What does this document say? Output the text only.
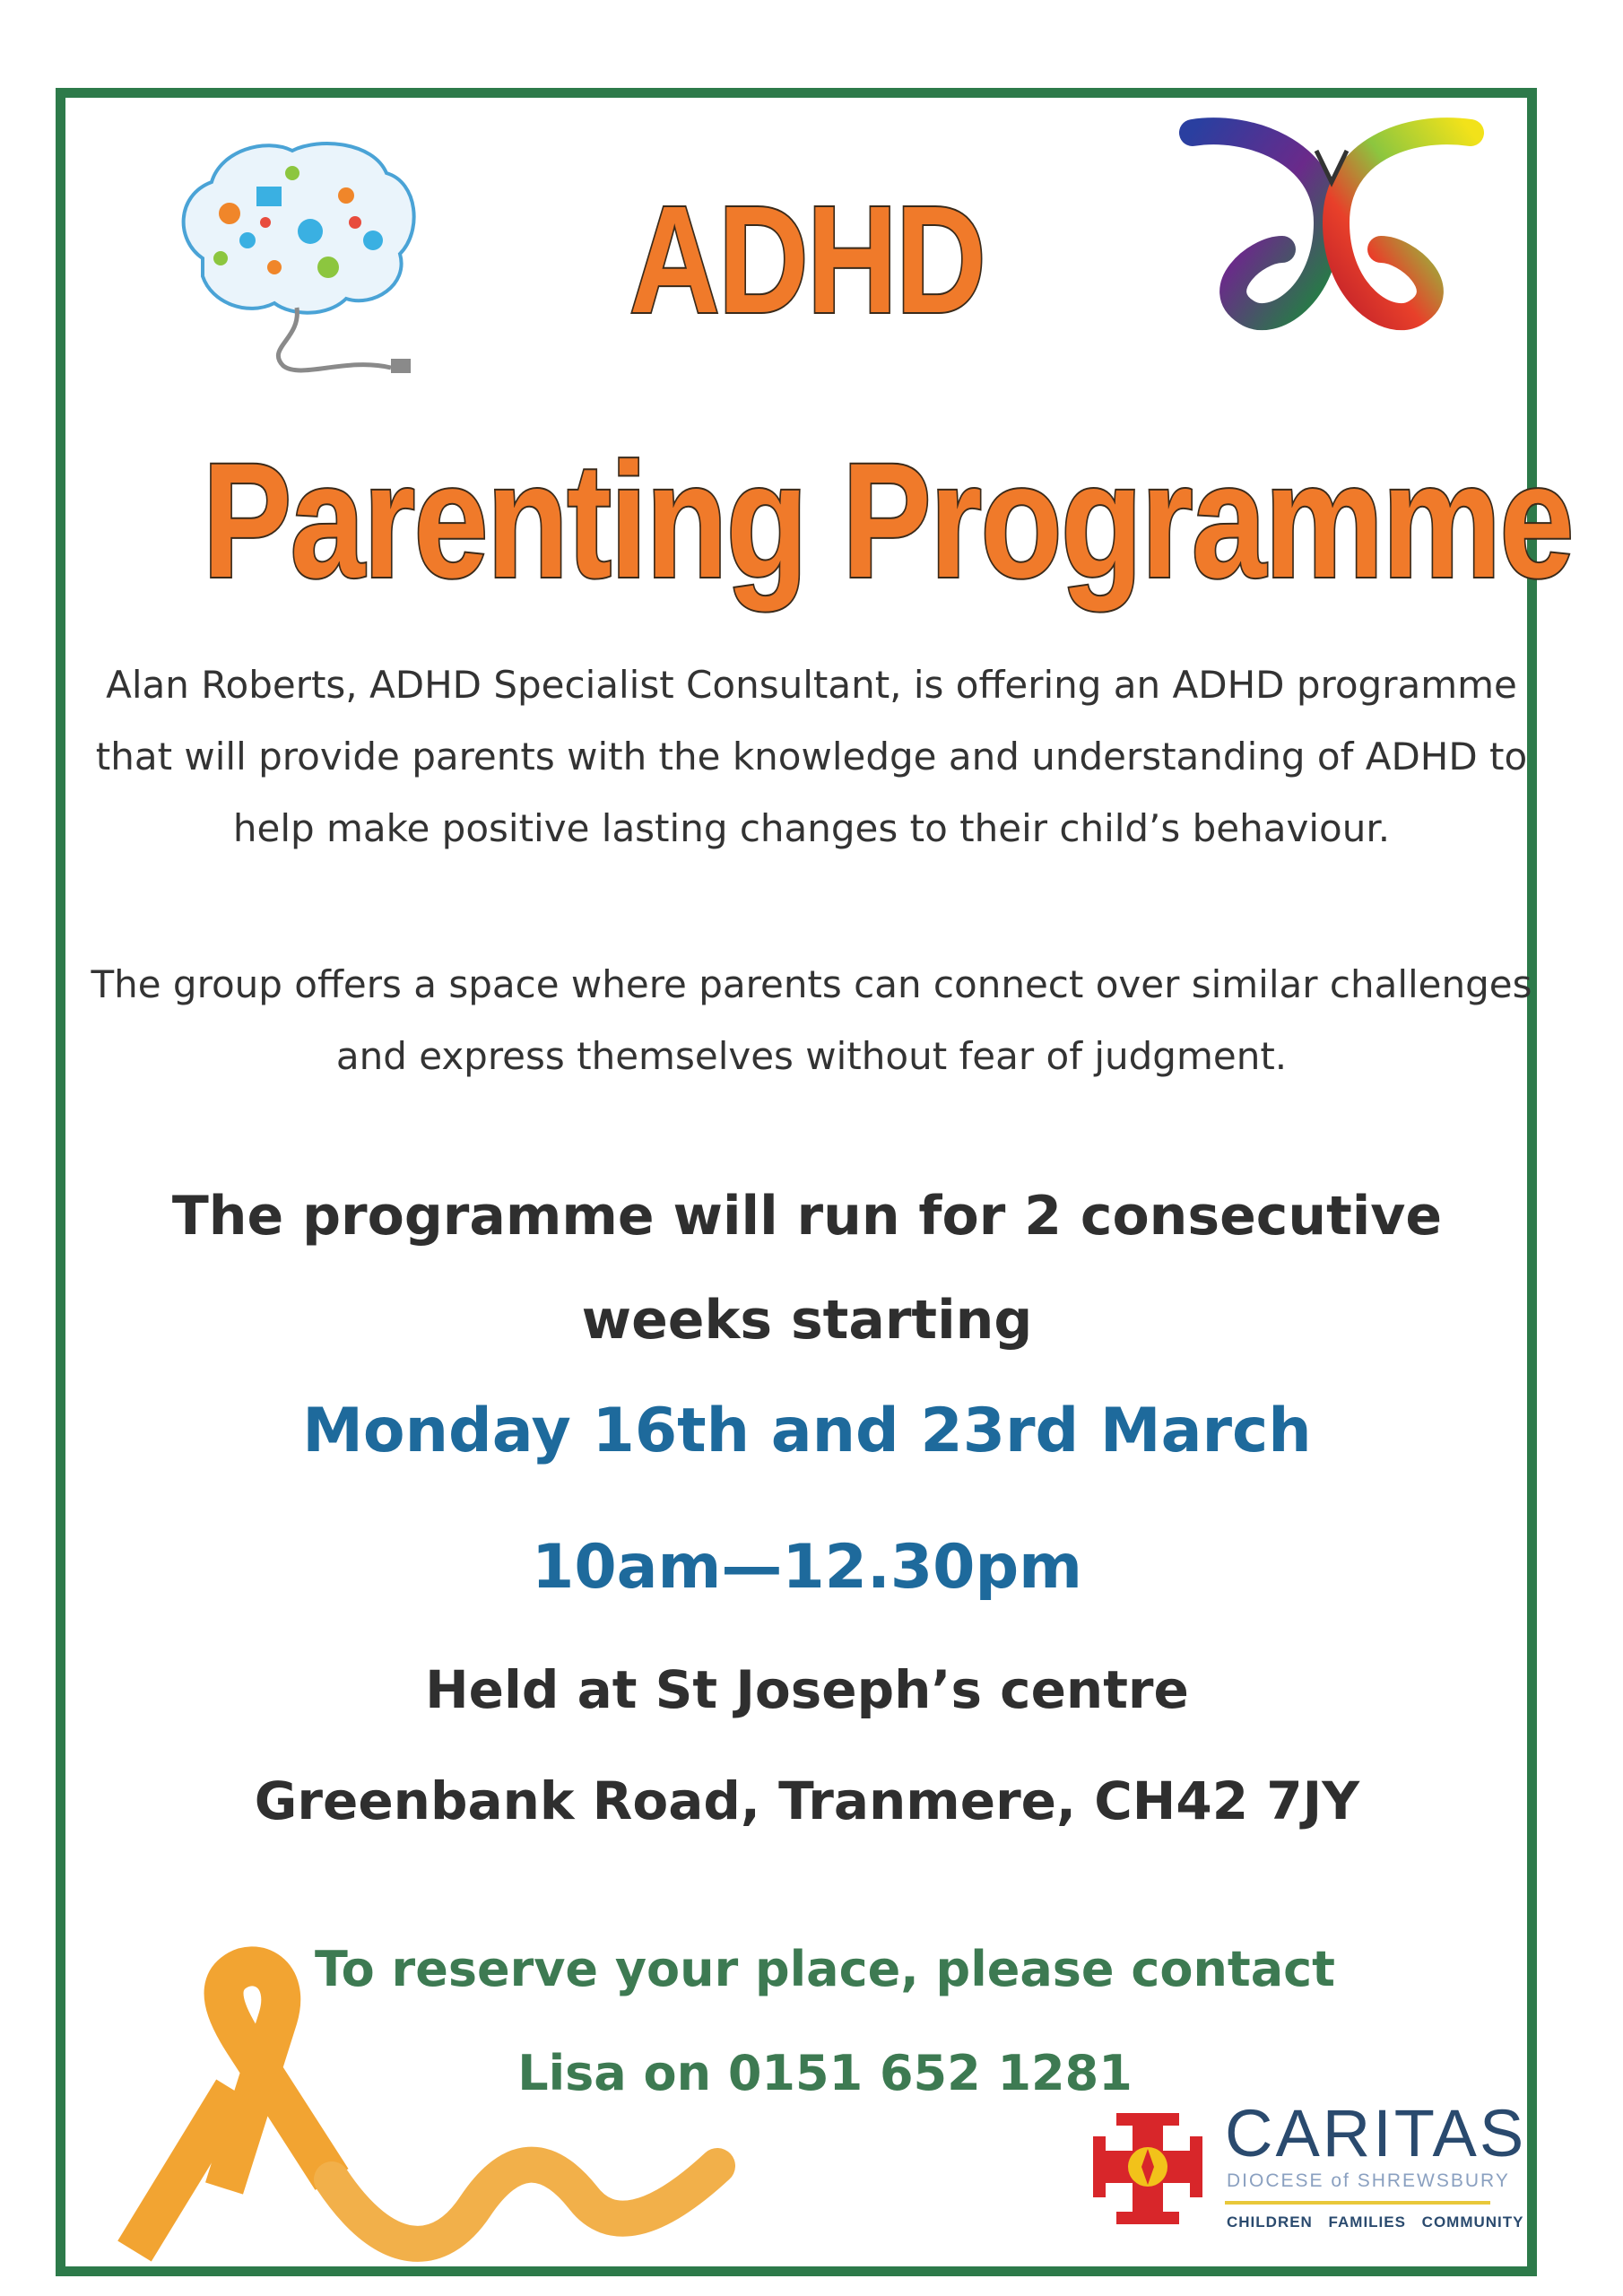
ADHD
Parenting Programme
Alan Roberts, ADHD Specialist Consultant, is offering an ADHD programme that will provide parents with the knowledge and understanding of ADHD to help make positive lasting changes to their child’s behaviour.
The group offers a space where parents can connect over similar challenges and express themselves without fear of judgment.
The programme will run for 2 consecutive weeks starting
Monday 16th and 23rd March
10am—12.30pm
Held at St Joseph’s centre
Greenbank Road, Tranmere, CH42 7JY
To reserve your place, please contact
Lisa on 0151 652 1281
CARITAS
DIOCESE of SHREWSBURY
CHILDREN FAMILIES COMMUNITY
